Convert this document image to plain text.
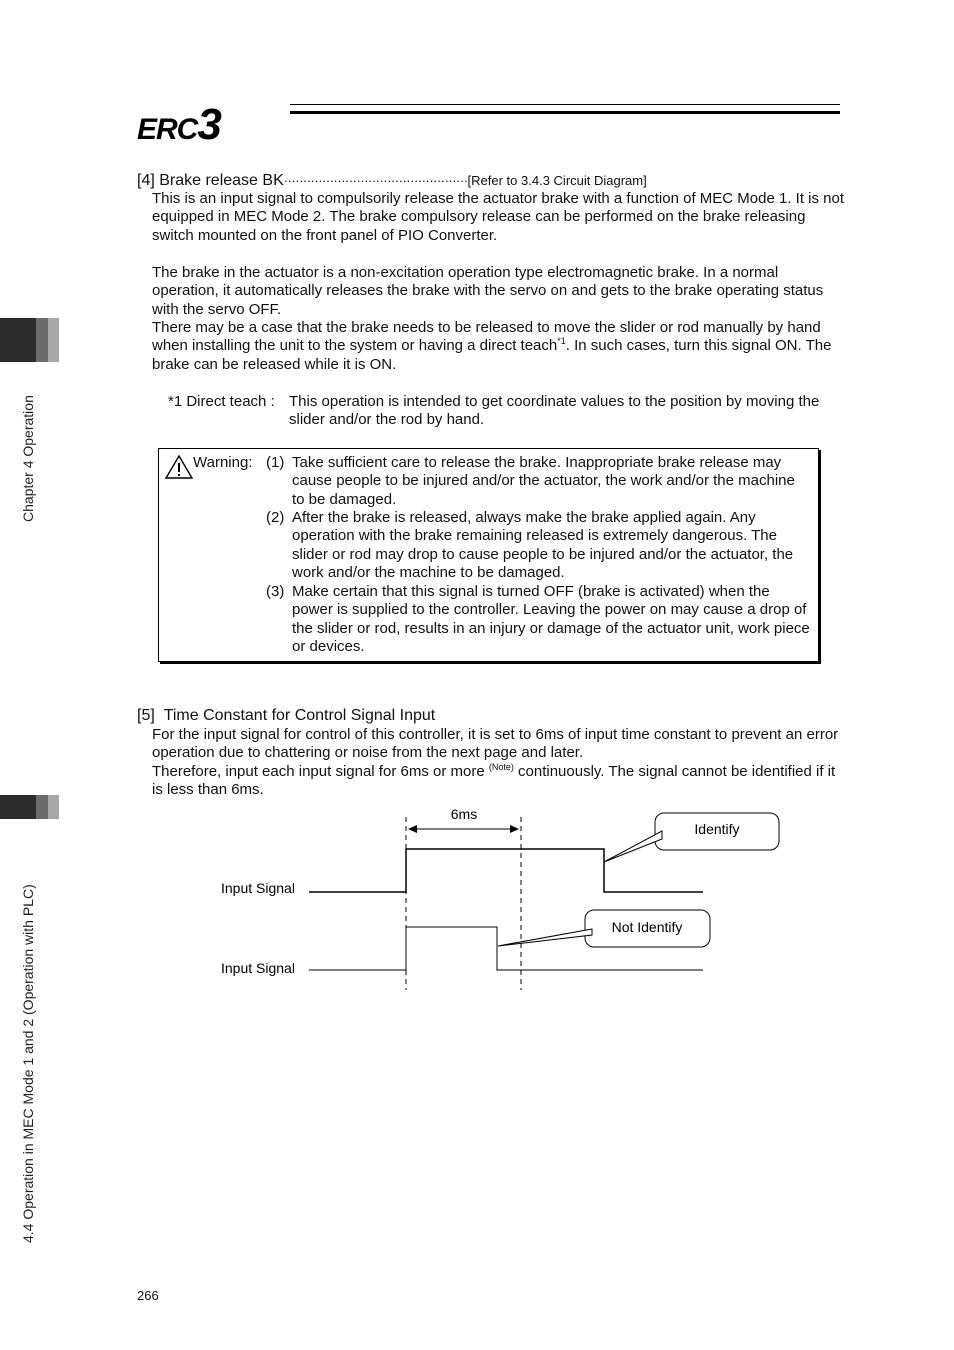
ERC3
Chapter 4 Operation
4.4 Operation in MEC Mode 1 and 2 (Operation with PLC)
[4] Brake release BK················································[Refer to 3.4.3 Circuit Diagram]

This is an input signal to compulsorily release the actuator brake with a function of MEC Mode 1. It is not equipped in MEC Mode 2. The brake compulsory release can be performed on the brake releasing switch mounted on the front panel of PIO Converter.

The brake in the actuator is a non-excitation operation type electromagnetic brake. In a normal operation, it automatically releases the brake with the servo on and gets to the brake operating status with the servo OFF.

There may be a case that the brake needs to be released to move the slider or rod manually by hand when installing the unit to the system or having a direct teach$^{*1}$. In such cases, turn this signal ON. The brake can be released while it is ON.

*1 Direct teach : This operation is intended to get coordinate values to the position by moving the slider and/or the rod by hand.
Warning: (1) Take sufficient care to release the brake. Inappropriate brake release may cause people to be injured and/or the actuator, the work and/or the machine to be damaged.
(2) After the brake is released, always make the brake applied again. Any operation with the brake remaining released is extremely dangerous. The slider or rod may drop to cause people to be injured and/or the actuator, the work and/or the machine to be damaged.
(3) Make certain that this signal is turned OFF (brake is activated) when the power is supplied to the controller. Leaving the power on may cause a drop of the slider or rod, results in an injury or damage of the actuator unit, work piece or devices.
[5] Time Constant for Control Signal Input

For the input signal for control of this controller, it is set to 6ms of input time constant to prevent an error operation due to chattering or noise from the next page and later.

Therefore, input each input signal for 6ms or more $^{(Note)}$ continuously. The signal cannot be identified if it is less than 6ms.

6ms
Input Signal
Input Signal
Identify
Not Identify
266
